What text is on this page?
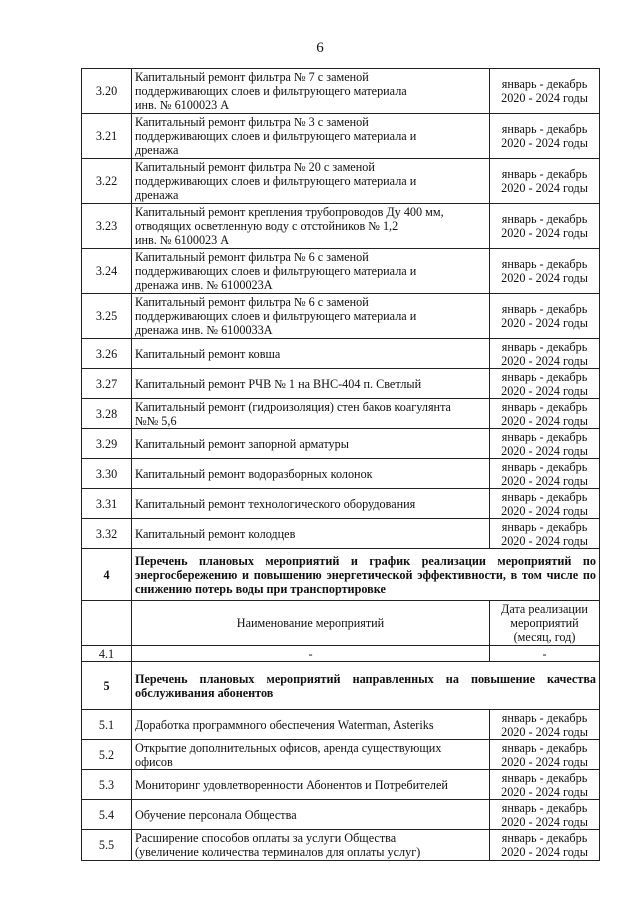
6
3.20	Капитальный ремонт фильтра № 7 с заменой
поддерживающих слоев и фильтрующего материала
инв. № 6100023 А	январь - декабрь
2020 - 2024 годы

3.21	Капитальный ремонт фильтра № 3 с заменой
поддерживающих слоев и фильтрующего материала и
дренажа	январь - декабрь
2020 - 2024 годы

3.22	Капитальный ремонт фильтра № 20 с заменой
поддерживающих слоев и фильтрующего материала и
дренажа	январь - декабрь
2020 - 2024 годы

3.23	Капитальный ремонт крепления трубопроводов Ду 400 мм,
отводящих осветленную воду с отстойников № 1,2
инв. № 6100023 А	январь - декабрь
2020 - 2024 годы

3.24	Капитальный ремонт фильтра № 6 с заменой
поддерживающих слоев и фильтрующего материала и
дренажа инв. № 6100023А	январь - декабрь
2020 - 2024 годы

3.25	Капитальный ремонт фильтра № 6 с заменой
поддерживающих слоев и фильтрующего материала и
дренажа инв. № 6100033А	январь - декабрь
2020 - 2024 годы

3.26	Капитальный ремонт ковша	январь - декабрь
2020 - 2024 годы

3.27	Капитальный ремонт РЧВ № 1 на ВНС-404 п. Светлый	январь - декабрь
2020 - 2024 годы

3.28	Капитальный ремонт (гидроизоляция) стен баков коагулянта
№№ 5,6	январь - декабрь
2020 - 2024 годы

3.29	Капитальный ремонт запорной арматуры	январь - декабрь
2020 - 2024 годы

3.30	Капитальный ремонт водоразборных колонок	январь - декабрь
2020 - 2024 годы

3.31	Капитальный ремонт технологического оборудования	январь - декабрь
2020 - 2024 годы

3.32	Капитальный ремонт колодцев	январь - декабрь
2020 - 2024 годы

4	Перечень плановых мероприятий и график реализации мероприятий по энергосбережению и повышению энергетической эффективности, в том числе по снижению потерь воды при транспортировке	
	Наименование мероприятий	Дата реализации мероприятий (месяц, год)
4.1	-	-
5	Перечень плановых мероприятий направленных на повышение качества обслуживания абонентов	
5.1	Доработка программного обеспечения Waterman, Asteriks	январь - декабрь
2020 - 2024 годы

5.2	Открытие дополнительных офисов, аренда существующих
офисов	январь - декабрь
2020 - 2024 годы

5.3	Мониторинг удовлетворенности Абонентов и Потребителей	январь - декабрь
2020 - 2024 годы

5.4	Обучение персонала Общества	январь - декабрь
2020 - 2024 годы

5.5	Расширение способов оплаты за услуги Общества
(увеличение количества терминалов для оплаты услуг)	январь - декабрь
2020 - 2024 годы
